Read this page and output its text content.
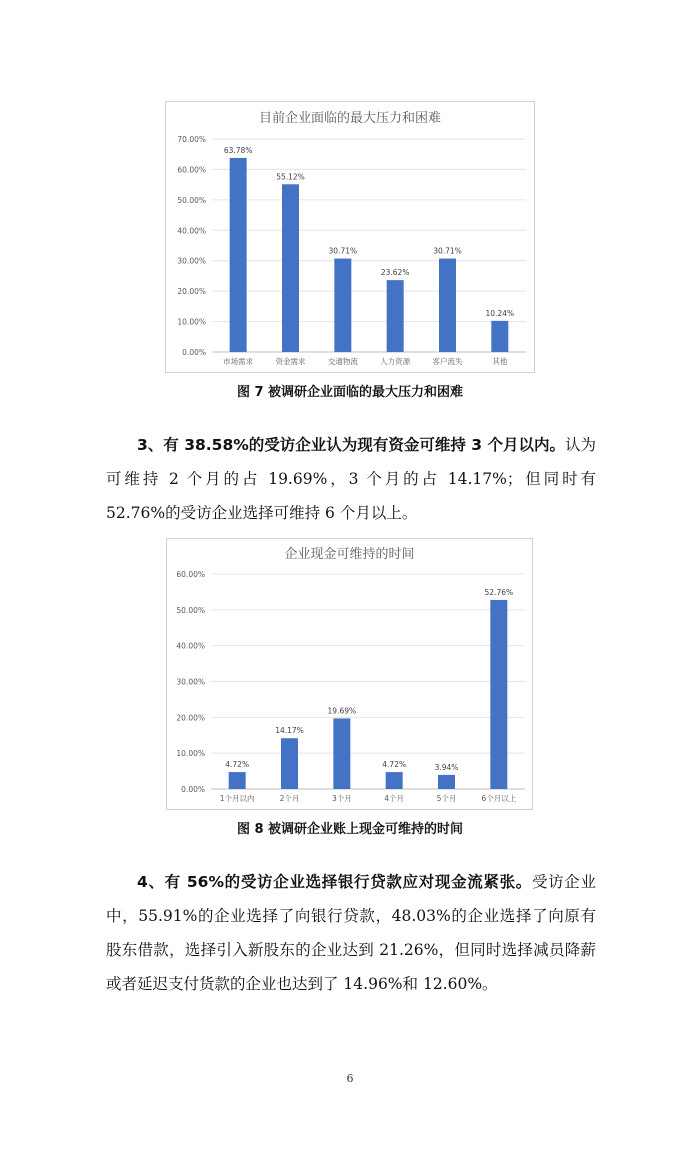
目前企业面临的最大压力和困难
0.00%
10.00%
20.00%
30.00%
40.00%
50.00%
60.00%
70.00%
63.78%
市场需求
55.12%
资金需求
30.71%
交通物流
23.62%
人力资源
30.71%
客户流失
10.24%
其他
图 7 被调研企业面临的最大压力和困难

3、有 38.58%的受访企业认为现有资金可维持 3 个月以内。认为可维持 2 个月的占 19.69%，3 个月的占 14.17%；但同时有 52.76%的受访企业选择可维持 6 个月以上。

企业现金可维持的时间
0.00%
10.00%
20.00%
30.00%
40.00%
50.00%
60.00%
4.72%
1个月以内
14.17%
2个月
19.69%
3个月
4.72%
4个月
3.94%
5个月
52.76%
6个月以上
图 8 被调研企业账上现金可维持的时间

4、有 56%的受访企业选择银行贷款应对现金流紧张。受访企业中，55.91%的企业选择了向银行贷款，48.03%的企业选择了向原有股东借款，选择引入新股东的企业达到 21.26%，但同时选择减员降薪或者延迟支付货款的企业也达到了 14.96%和 12.60%。

6
